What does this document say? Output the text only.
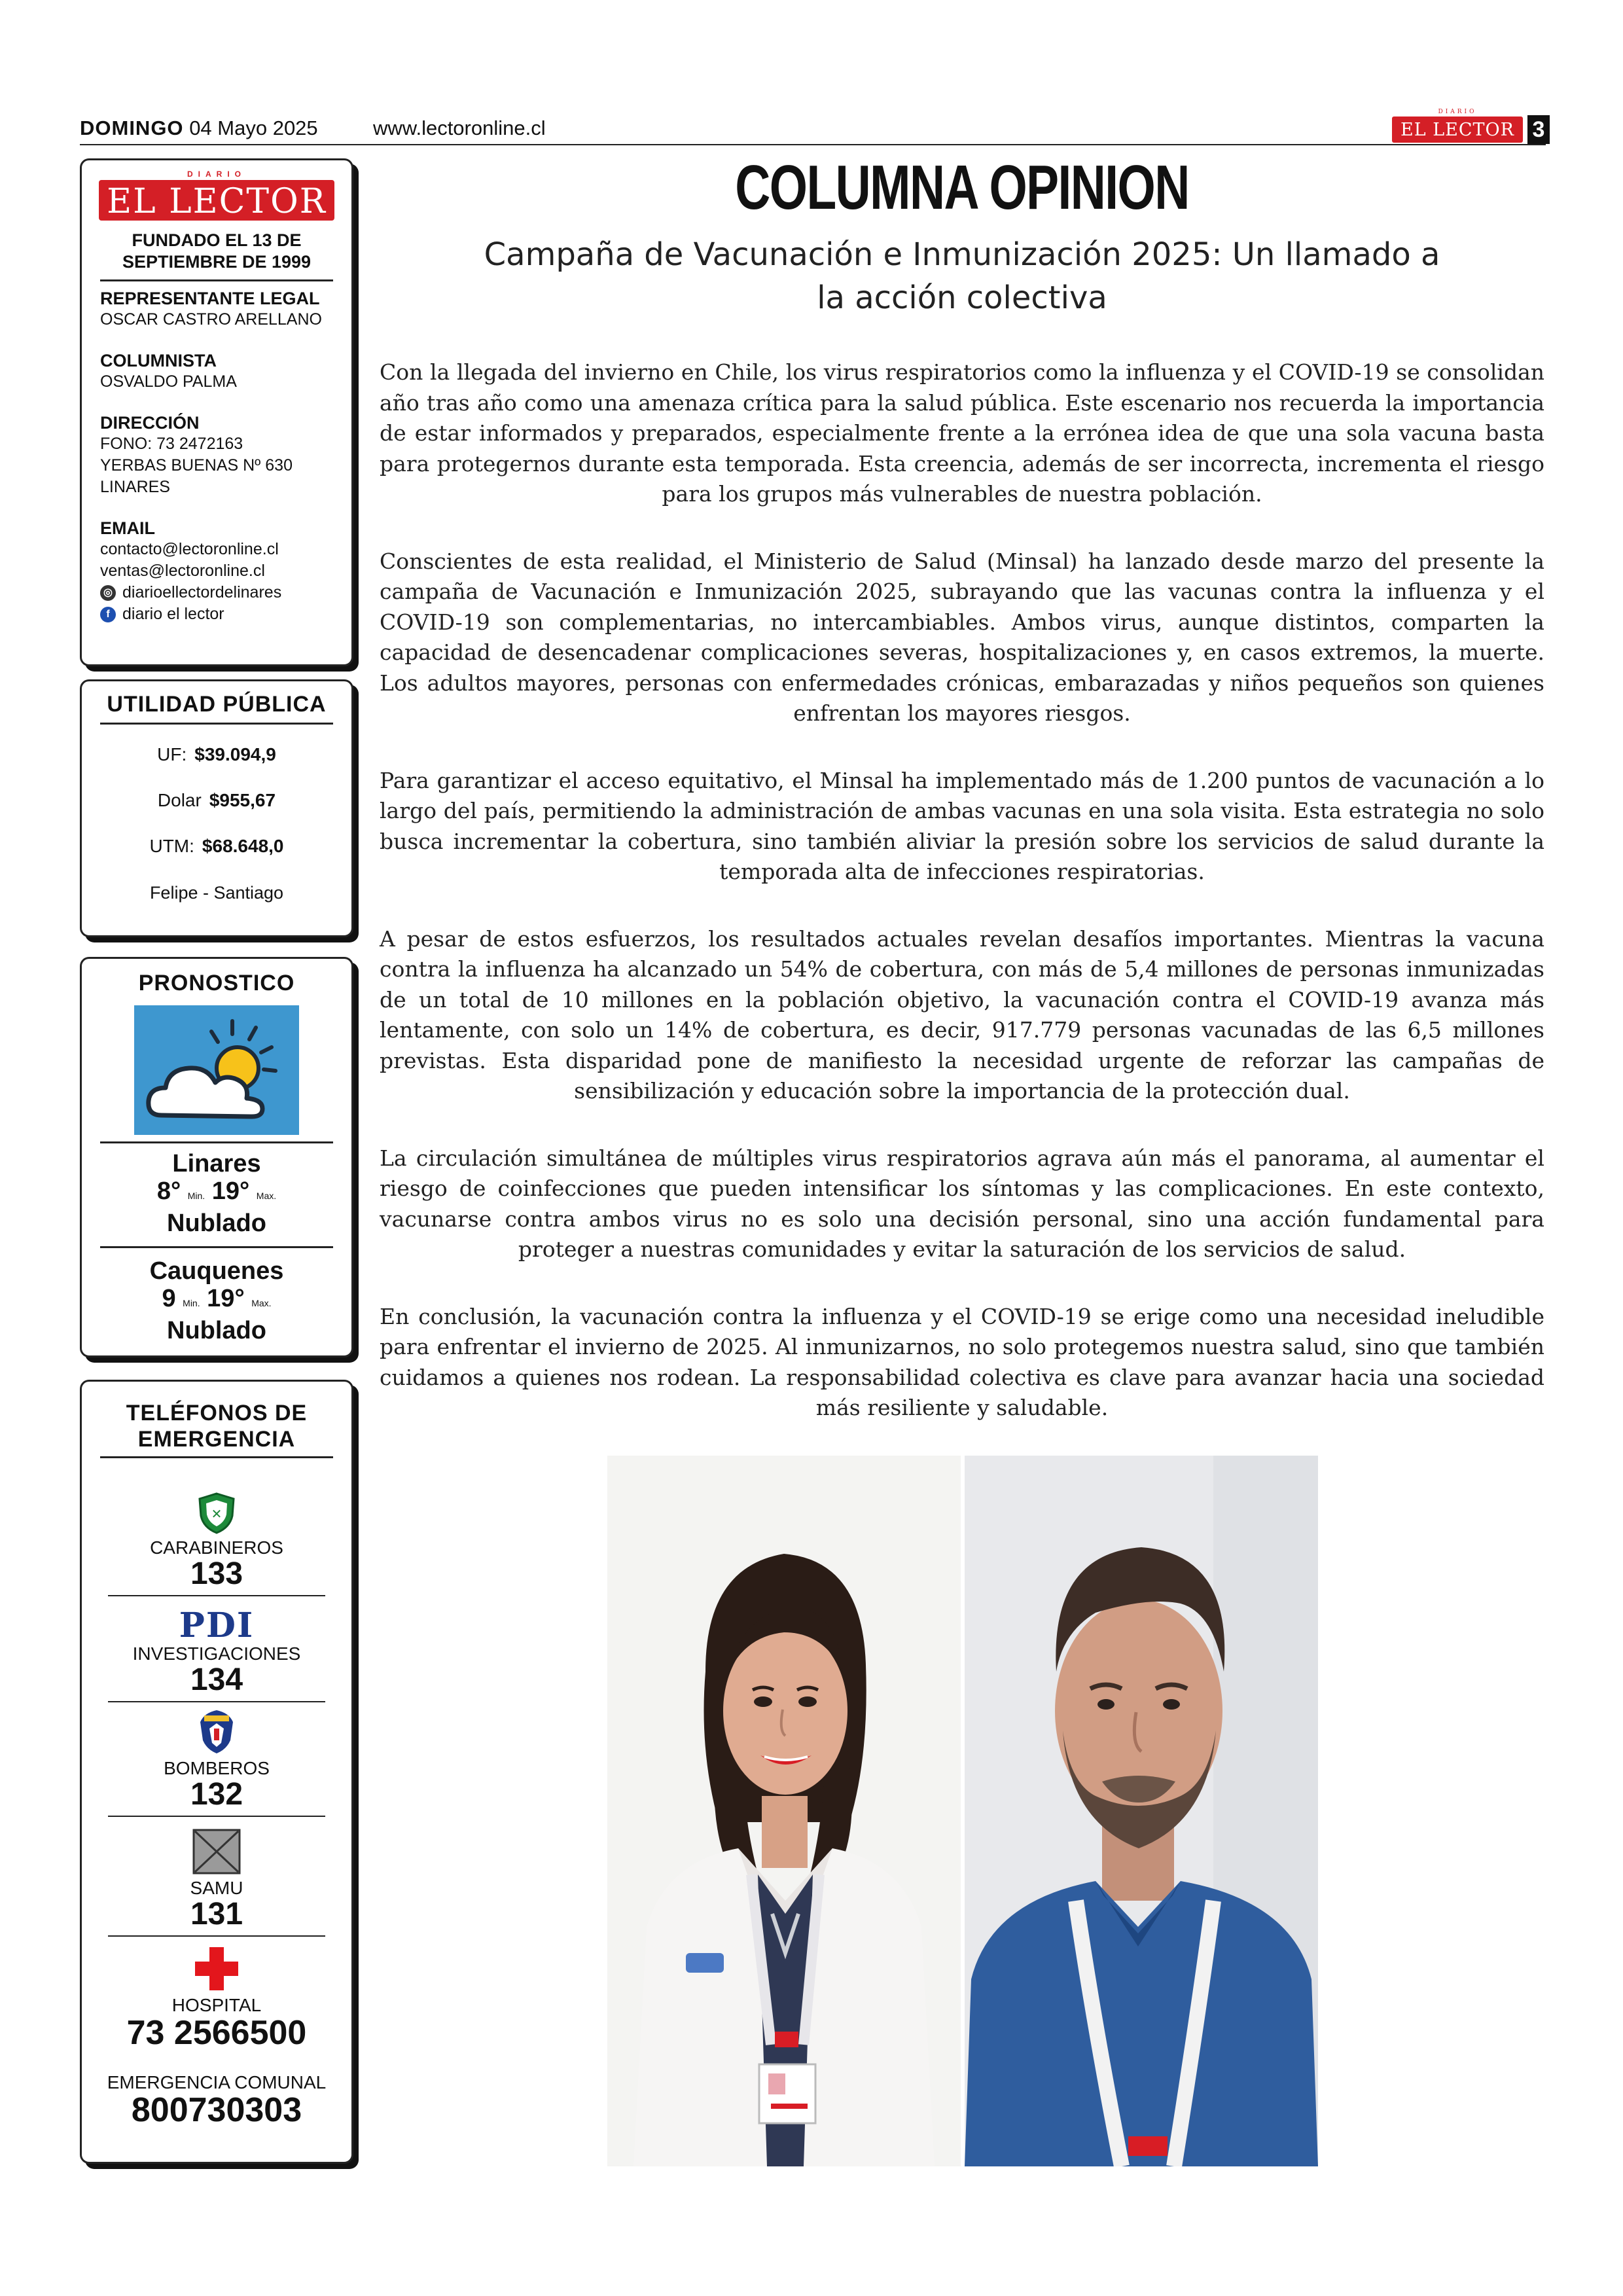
DOMINGO 04 Mayo 2025	www.lectoronline.cl
DIARIO
EL LECTOR 3
DIARIO
EL LECTOR
FUNDADO EL 13 DE SEPTIEMBRE DE 1999
REPRESENTANTE LEGAL
OSCAR CASTRO ARELLANO
COLUMNISTA
OSVALDO PALMA
DIRECCIÓN
FONO: 73 2472163
YERBAS BUENAS Nº 630
LINARES
EMAIL
contacto@lectoronline.cl
ventas@lectoronline.cl
◎ diarioellectordelinares
f diario el lector
UTILIDAD PÚBLICA
UF: $39.094,9
Dolar $955,67
UTM: $68.648,0
Felipe - Santiago
PRONOSTICO
Linares
8° Min. 19° Max.
Nublado
Cauquenes
9 Min. 19° Max.
Nublado
TELÉFONOS DE
EMERGENCIA
✕
CARABINEROS
133
PDI
INVESTIGACIONES
134
BOMBEROS
132
SAMU
131
HOSPITAL
73 2566500
EMERGENCIA COMUNAL
800730303
COLUMNA OPINION
Campaña de Vacunación e Inmunización 2025: Un llamado a
la acción colectiva

Con la llegada del invierno en Chile, los virus respiratorios como la influenza y el COVID-19 se consolidan año tras año como una amenaza crítica para la salud pública. Este escenario nos recuerda la importancia de estar informados y preparados, especialmente frente a la errónea idea de que una sola vacuna basta para protegernos durante esta temporada. Esta creencia, además de ser incorrecta, incrementa el riesgo para los grupos más vulnerables de nuestra población.

Conscientes de esta realidad, el Ministerio de Salud (Minsal) ha lanzado desde marzo del presente la campaña de Vacunación e Inmunización 2025, subrayando que las vacunas contra la influenza y el COVID-19 son complementarias, no intercambiables. Ambos virus, aunque distintos, comparten la capacidad de desencadenar complicaciones severas, hospitalizaciones y, en casos extremos, la muerte. Los adultos mayores, personas con enfermedades crónicas, embarazadas y niños pequeños son quienes enfrentan los mayores riesgos.

Para garantizar el acceso equitativo, el Minsal ha implementado más de 1.200 puntos de vacunación a lo largo del país, permitiendo la administración de ambas vacunas en una sola visita. Esta estrategia no solo busca incrementar la cobertura, sino también aliviar la presión sobre los servicios de salud durante la temporada alta de infecciones respiratorias.

A pesar de estos esfuerzos, los resultados actuales revelan desafíos importantes. Mientras la vacuna contra la influenza ha alcanzado un 54% de cobertura, con más de 5,4 millones de personas inmunizadas de un total de 10 millones en la población objetivo, la vacunación contra el COVID-19 avanza más lentamente, con solo un 14% de cobertura, es decir, 917.779 personas vacunadas de las 6,5 millones previstas. Esta disparidad pone de manifiesto la necesidad urgente de reforzar las campañas de sensibilización y educación sobre la importancia de la protección dual.

La circulación simultánea de múltiples virus respiratorios agrava aún más el panorama, al aumentar el riesgo de coinfecciones que pueden intensificar los síntomas y las complicaciones. En este contexto, vacunarse contra ambos virus no es solo una decisión personal, sino una acción fundamental para proteger a nuestras comunidades y evitar la saturación de los servicios de salud.

En conclusión, la vacunación contra la influenza y el COVID-19 se erige como una necesidad ineludible para enfrentar el invierno de 2025. Al inmunizarnos, no solo protegemos nuestra salud, sino que también cuidamos a quienes nos rodean. La responsabilidad colectiva es clave para avanzar hacia una sociedad más resiliente y saludable.
